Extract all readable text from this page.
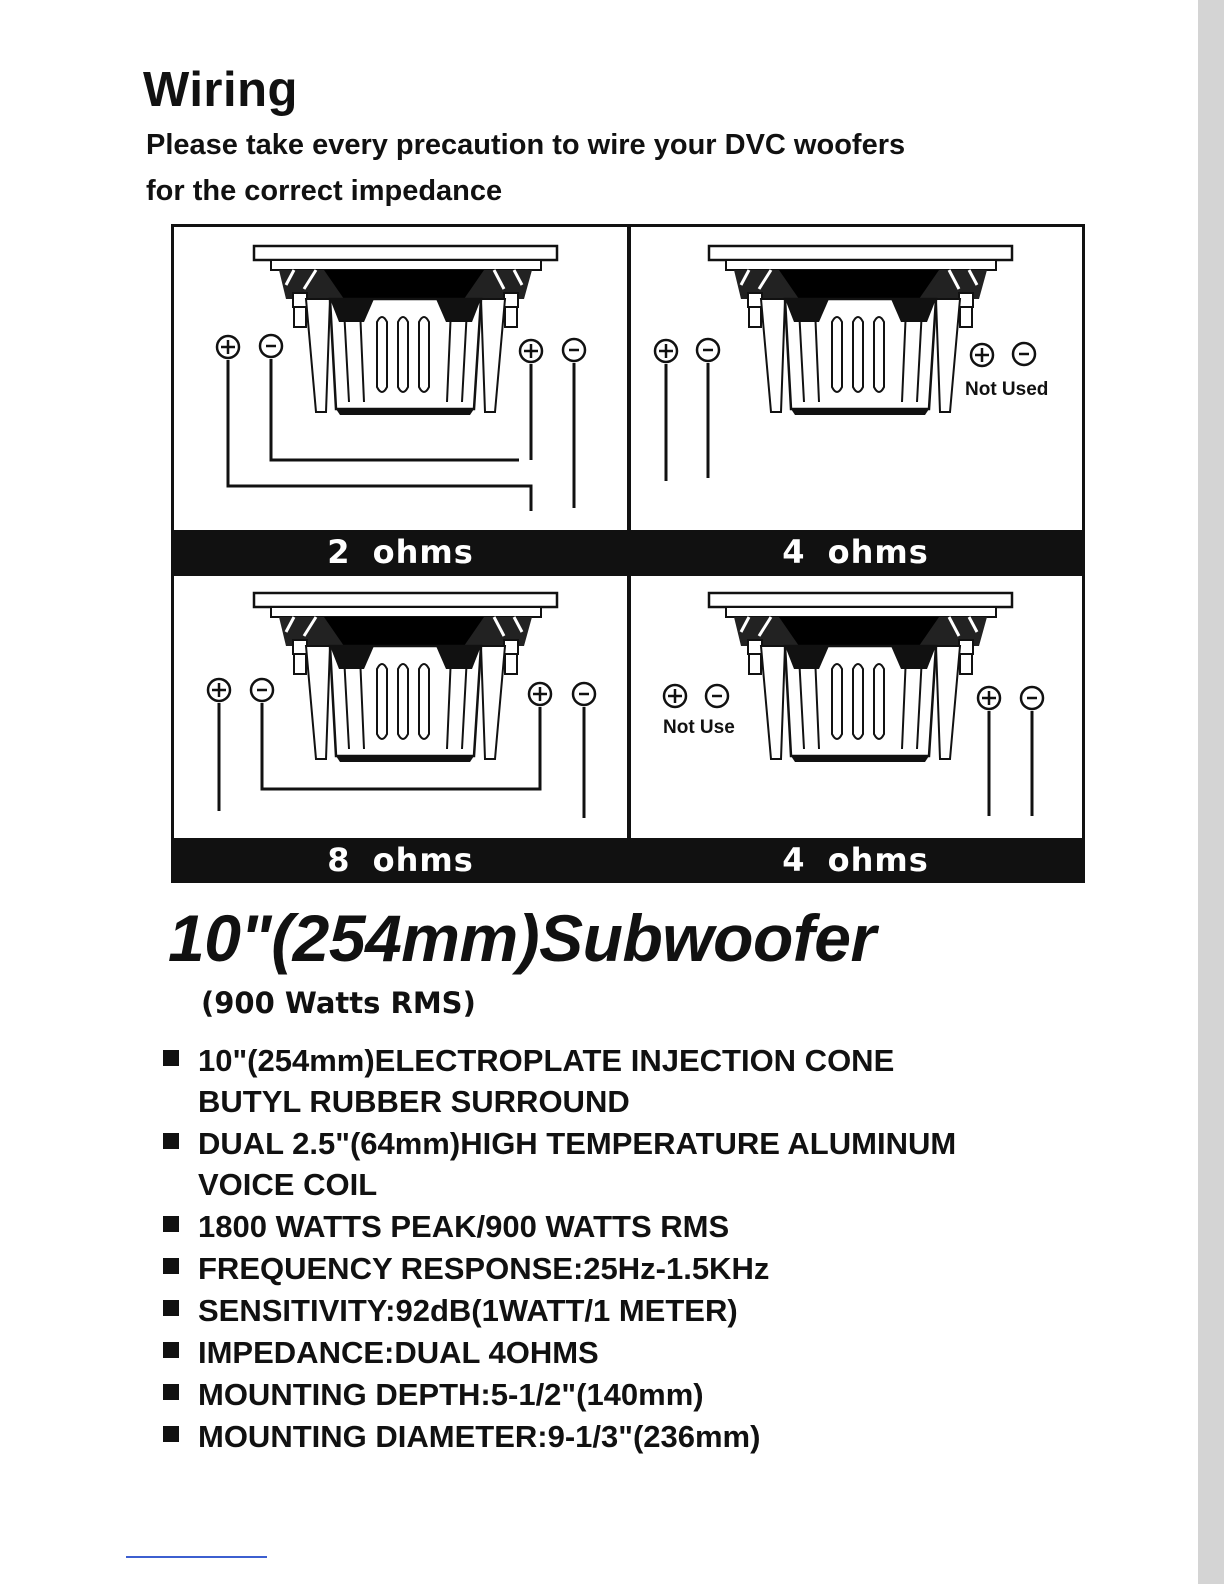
Wiring
Please take every precaution to wire your DVC woofers
for the correct impedance
2 ohms
Not Used
4 ohms
8 ohms
Not Use
4 ohms
10"(254mm)Subwoofer
(900 Watts RMS)
10"(254mm)ELECTROPLATE INJECTION CONE
BUTYL RUBBER SURROUND
DUAL 2.5"(64mm)HIGH TEMPERATURE ALUMINUM
VOICE COIL
1800 WATTS PEAK/900 WATTS RMS
FREQUENCY RESPONSE:25Hz-1.5KHz
SENSITIVITY:92dB(1WATT/1 METER)
IMPEDANCE:DUAL 4OHMS
MOUNTING DEPTH:5-1/2"(140mm)
MOUNTING DIAMETER:9-1/3"(236mm)
